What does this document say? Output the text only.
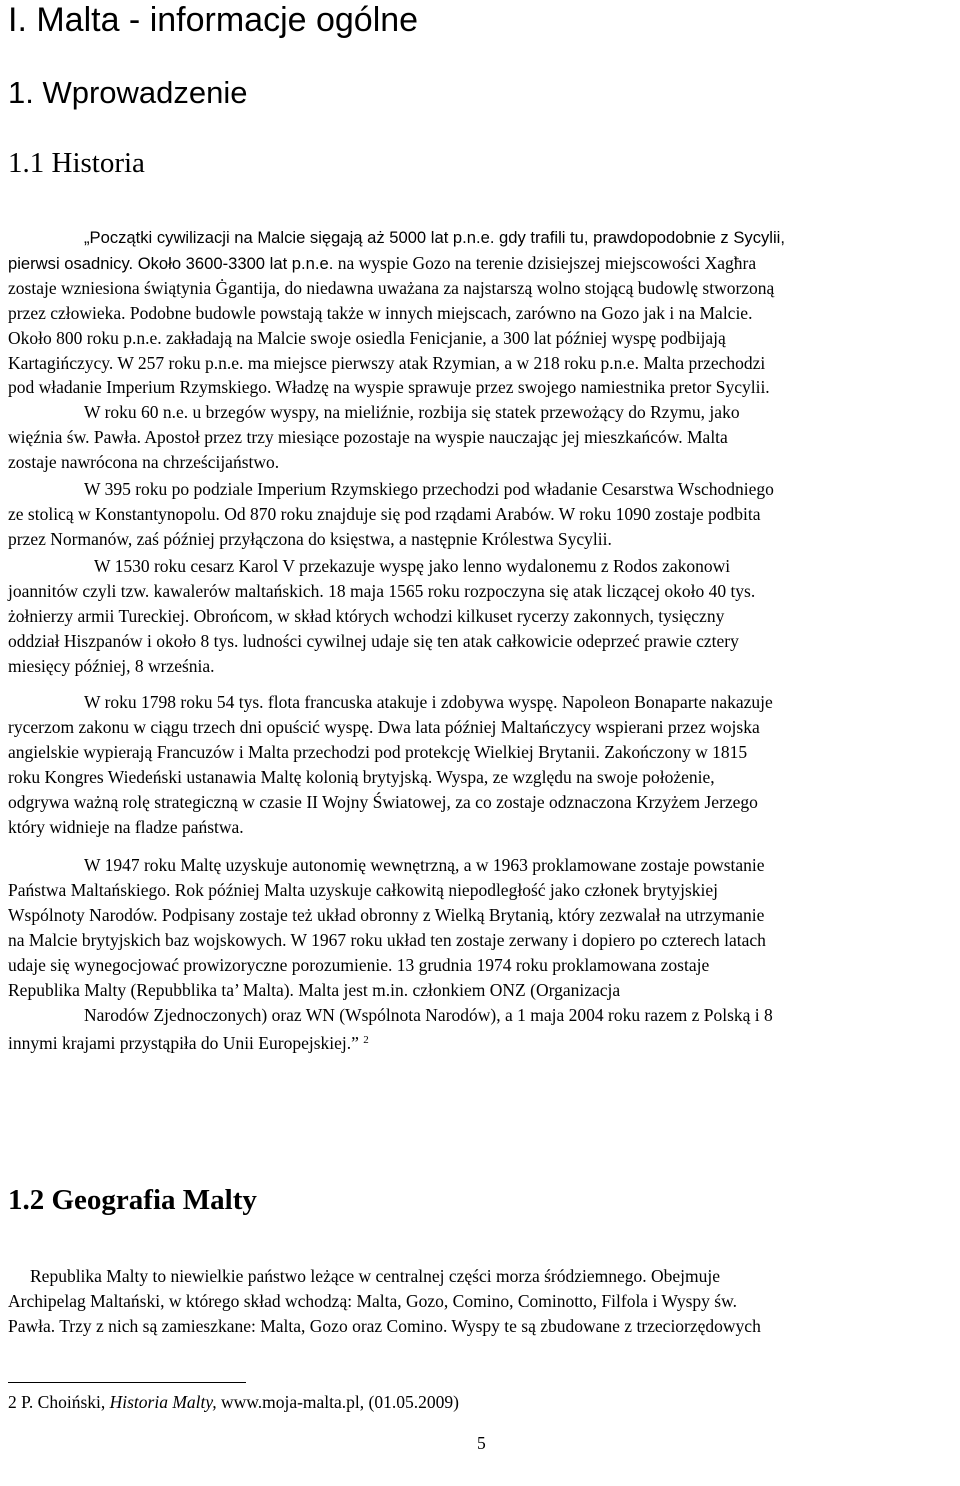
I. Malta - informacje ogólne
1. Wprowadzenie
1.1 Historia
„Początki cywilizacji na Malcie sięgają aż 5000 lat p.n.e. gdy trafili tu, prawdopodobnie z Sycylii,
pierwsi osadnicy. Około 3600-3300 lat p.n.e. na wyspie Gozo na terenie dzisiejszej miejscowości Xagħra
zostaje wzniesiona świątynia Ġgantija, do niedawna uważana za najstarszą wolno stojącą budowlę stworzoną
przez człowieka. Podobne budowle powstają także w innych miejscach, zarówno na Gozo jak i na Malcie.
Około 800 roku p.n.e. zakładają na Malcie swoje osiedla Fenicjanie, a 300 lat później wyspę podbijają
Kartagińczycy. W 257 roku p.n.e. ma miejsce pierwszy atak Rzymian, a w 218 roku p.n.e. Malta przechodzi
pod władanie Imperium Rzymskiego. Władzę na wyspie sprawuje przez swojego namiestnika pretor Sycylii.
W roku 60 n.e. u brzegów wyspy, na mieliźnie, rozbija się statek przewożący do Rzymu, jako
więźnia św. Pawła. Apostoł przez trzy miesiące pozostaje na wyspie nauczając jej mieszkańców. Malta
zostaje nawrócona na chrześcijaństwo.
W 395 roku po podziale Imperium Rzymskiego przechodzi pod władanie Cesarstwa Wschodniego
ze stolicą w Konstantynopolu. Od 870 roku znajduje się pod rządami Arabów. W roku 1090 zostaje podbita
przez Normanów, zaś później przyłączona do księstwa, a następnie Królestwa Sycylii.
W 1530 roku cesarz Karol V przekazuje wyspę jako lenno wydalonemu z Rodos zakonowi
joannitów czyli tzw. kawalerów maltańskich. 18 maja 1565 roku rozpoczyna się atak liczącej około 40 tys.
żołnierzy armii Tureckiej. Obrońcom, w skład których wchodzi kilkuset rycerzy zakonnych, tysięczny
oddział Hiszpanów i około 8 tys. ludności cywilnej udaje się ten atak całkowicie odeprzeć prawie cztery
miesięcy później, 8 września.
W roku 1798 roku 54 tys. flota francuska atakuje i zdobywa wyspę. Napoleon Bonaparte nakazuje
rycerzom zakonu w ciągu trzech dni opuścić wyspę. Dwa lata później Maltańczycy wspierani przez wojska
angielskie wypierają Francuzów i Malta przechodzi pod protekcję Wielkiej Brytanii. Zakończony w 1815
roku Kongres Wiedeński ustanawia Maltę kolonią brytyjską. Wyspa, ze względu na swoje położenie,
odgrywa ważną rolę strategiczną w czasie II Wojny Światowej, za co zostaje odznaczona Krzyżem Jerzego
który widnieje na fladze państwa.
W 1947 roku Maltę uzyskuje autonomię wewnętrzną, a w 1963 proklamowane zostaje powstanie
Państwa Maltańskiego. Rok później Malta uzyskuje całkowitą niepodległość jako członek brytyjskiej
Wspólnoty Narodów. Podpisany zostaje też układ obronny z Wielką Brytanią, który zezwalał na utrzymanie
na Malcie brytyjskich baz wojskowych. W 1967 roku układ ten zostaje zerwany i dopiero po czterech latach
udaje się wynegocjować prowizoryczne porozumienie. 13 grudnia 1974 roku proklamowana zostaje
Republika Malty (Repubblika ta’ Malta). Malta jest m.in. członkiem ONZ (Organizacja
Narodów Zjednoczonych) oraz WN (Wspólnota Narodów), a 1 maja 2004 roku razem z Polską i 8
innymi krajami przystąpiła do Unii Europejskiej.” $^2$
1.2 Geografia Malty
Republika Malty to niewielkie państwo leżące w centralnej części morza śródziemnego. Obejmuje
Archipelag Maltański, w którego skład wchodzą: Malta, Gozo, Comino, Cominotto, Filfola i Wyspy św.
Pawła. Trzy z nich są zamieszkane: Malta, Gozo oraz Comino. Wyspy te są zbudowane z trzeciorzędowych
2 P. Choiński, Historia Malty, www.moja-malta.pl, (01.05.2009)
5
